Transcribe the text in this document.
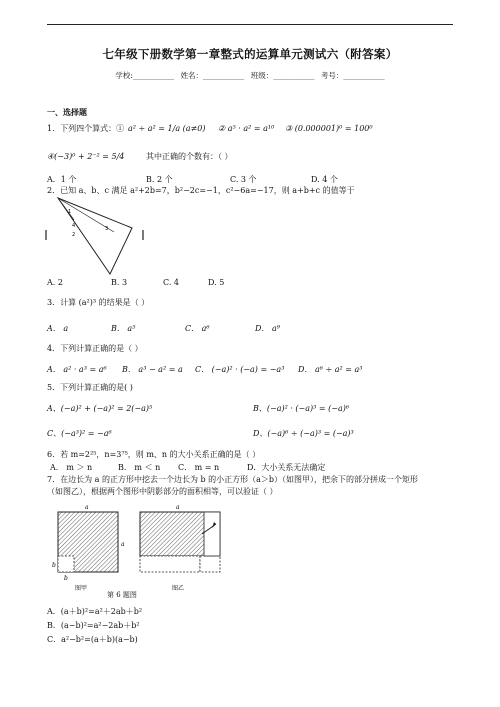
七年级下册数学第一章整式的运算单元测试六（附答案）
学校:___________ 姓名：___________ 班级：___________ 考号：___________
一、选择题
1．下列四个算式：① a² ÷ a² = 1/a (a≠0) ② a⁵ · a² = a¹⁰ ③ (0.000001)⁰ = 100⁰
④(−3)⁰ + 2⁻² = 5/4	其中正确的个数有：（ ）
A．1 个	B. 2 个	C. 3 个	D. 4 个
2．已知 a、b、c 满足 a²+2b=7，b²−2c=−1，c²−6a=−17，则 a+b+c 的值等于
1
4	3
2
A. 2	B. 3	C. 4	D. 5
3．计算 (a²)³ 的结果是（ ）
A． a	B． a⁵	C． a⁶	D． a⁹
4．下列计算正确的是（ ）
A． a² · a³ = a⁶ B． a³ − a² = a C． (−a)² · (−a) = −a³ D． a⁶ ÷ a² = a³
5．下列计算正确的是( )
A、(−a)² + (−a)² = 2(−a)⁵	B、(−a)² · (−a)³ = (−a)⁶
C、(−a³)² = −a⁶	D、(−a)⁶ ÷ (−a)³ = (−a)³
6．若 m=2²⁵，n=3⁷⁵，则 m、n 的大小关系正确的是（ ）
A． m ＞ n	B． m ＜ n C． m = n	D．大小关系无法确定
7．在边长为 a 的正方形中挖去一个边长为 b 的小正方形（a＞b）（如图甲），把余下的部分拼成一个矩形
（如图乙），根据两个图形中阴影部分的面积相等，可以验证（ ）
a
a
b
b
图甲
a
图乙
第 6 题图
A．(a＋b)²=a²＋2ab＋b²
B．(a−b)²=a²−2ab＋b²
C．a²−b²=(a＋b)(a−b)
